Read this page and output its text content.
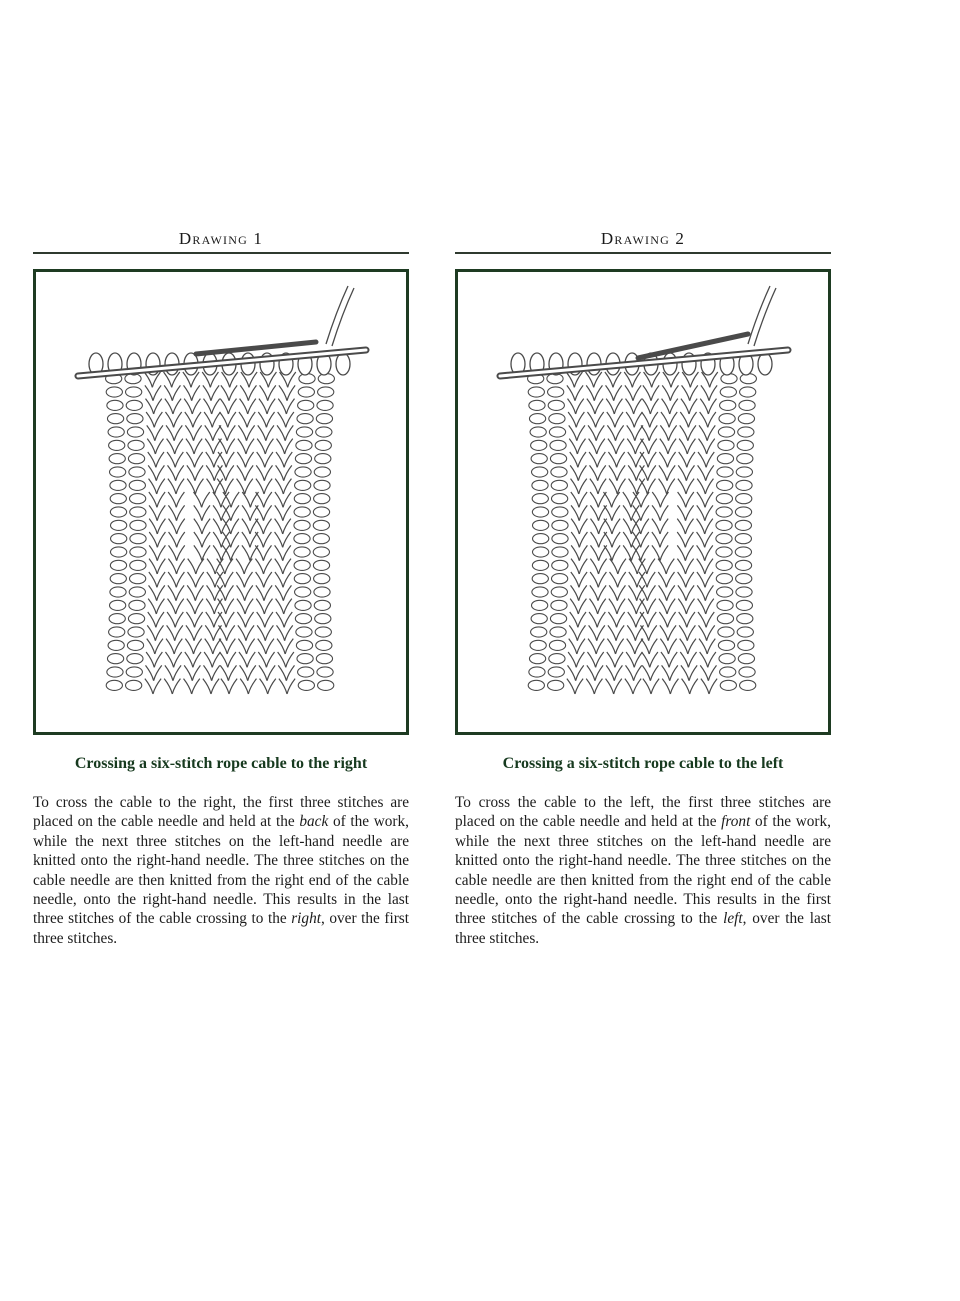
Drawing 1
Crossing a six-stitch rope cable to the right

To cross the cable to the right, the first three stitches are placed on the cable needle and held at the back of the work, while the next three stitches on the left-hand needle are knitted onto the right-hand needle. The three stitches on the cable needle are then knitted from the right end of the cable needle, onto the right-hand needle. This results in the last three stitches of the cable crossing to the right, over the first three stitches.

Drawing 2
Crossing a six-stitch rope cable to the left

To cross the cable to the left, the first three stitches are placed on the cable needle and held at the front of the work, while the next three stitches on the left-hand needle are knitted onto the right-hand needle. The three stitches on the cable needle are then knitted from the right end of the cable needle, onto the right-hand needle. This results in the first three stitches of the cable crossing to the left, over the last three stitches.
